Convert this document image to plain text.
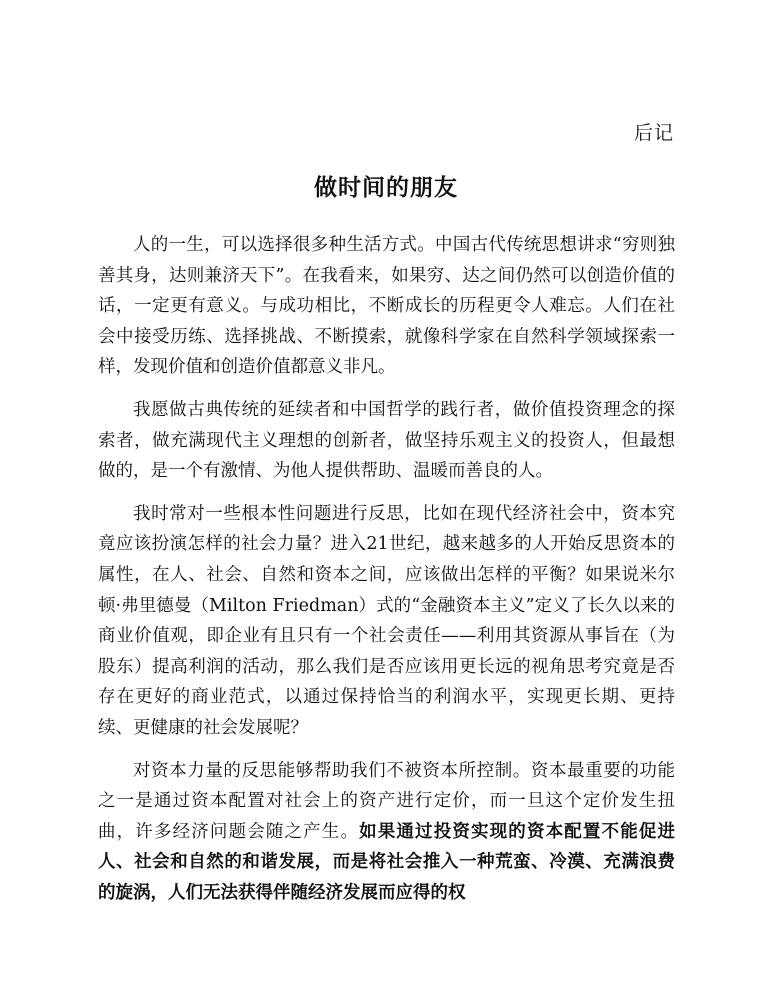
后记
做时间的朋友

人的一生，可以选择很多种生活方式。中国古代传统思想讲求“穷则独善其身，达则兼济天下”。在我看来，如果穷、达之间仍然可以创造价值的话，一定更有意义。与成功相比，不断成长的历程更令人难忘。人们在社会中接受历练、选择挑战、不断摸索，就像科学家在自然科学领域探索一样，发现价值和创造价值都意义非凡。

我愿做古典传统的延续者和中国哲学的践行者，做价值投资理念的探索者，做充满现代主义理想的创新者，做坚持乐观主义的投资人，但最想做的，是一个有激情、为他人提供帮助、温暖而善良的人。

我时常对一些根本性问题进行反思，比如在现代经济社会中，资本究竟应该扮演怎样的社会力量？进入21世纪，越来越多的人开始反思资本的属性，在人、社会、自然和资本之间，应该做出怎样的平衡？如果说米尔顿·弗里德曼（Milton Friedman）式的“金融资本主义”定义了长久以来的商业价值观，即企业有且只有一个社会责任——利用其资源从事旨在（为股东）提高利润的活动，那么我们是否应该用更长远的视角思考究竟是否存在更好的商业范式，以通过保持恰当的利润水平，实现更长期、更持续、更健康的社会发展呢？

对资本力量的反思能够帮助我们不被资本所控制。资本最重要的功能之一是通过资本配置对社会上的资产进行定价，而一旦这个定价发生扭曲，许多经济问题会随之产生。如果通过投资实现的资本配置不能促进人、社会和自然的和谐发展，而是将社会推入一种荒蛮、冷漠、充满浪费的旋涡，人们无法获得伴随经济发展而应得的权
